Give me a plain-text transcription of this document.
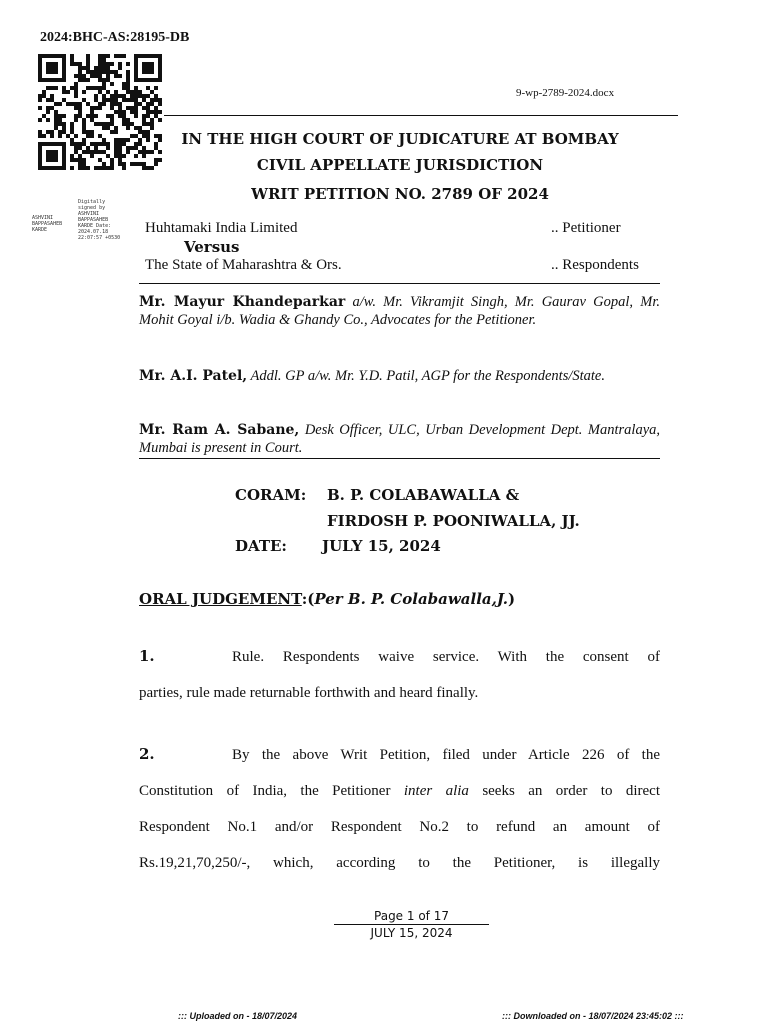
2024:BHC-AS:28195-DB
9-wp-2789-2024.docx
IN THE HIGH COURT OF JUDICATURE AT BOMBAY
CIVIL APPELLATE JURISDICTION
WRIT PETITION NO. 2789 OF 2024
ASHVINI BAPPASAHEB KARDE
Digitally signed by ASHVINI BAPPASAHEB KARDE Date: 2024.07.18 22:07:57 +0530
Huhtamaki India Limited	.. Petitioner
Versus
The State of Maharashtra & Ors.	.. Respondents
Mr. Mayur Khandeparkar a/w. Mr. Vikramjit Singh, Mr. Gaurav Gopal, Mr. Mohit Goyal i/b. Wadia & Ghandy Co., Advocates for the Petitioner.
Mr. A.I. Patel, Addl. GP a/w. Mr. Y.D. Patil, AGP for the Respondents/State.
Mr. Ram A. Sabane, Desk Officer, ULC, Urban Development Dept. Mantralaya, Mumbai is present in Court.
CORAM: B. P. COLABAWALLA &
FIRDOSH P. POONIWALLA, JJ.
DATE: JULY 15, 2024
ORAL JUDGEMENT:(Per B. P. Colabawalla,J.)
1.	Rule. Respondents waive service. With the consent of
parties, rule made returnable forthwith and heard finally.
2.	By the above Writ Petition, filed under Article 226 of the
Constitution of India, the Petitioner inter alia seeks an order to direct
Respondent No.1 and/or Respondent No.2 to refund an amount of
Rs.19,21,70,250/-, which, according to the Petitioner, is illegally
Page 1 of 17
JULY 15, 2024
::: Uploaded on - 18/07/2024	::: Downloaded on - 18/07/2024 23:45:02 :::
